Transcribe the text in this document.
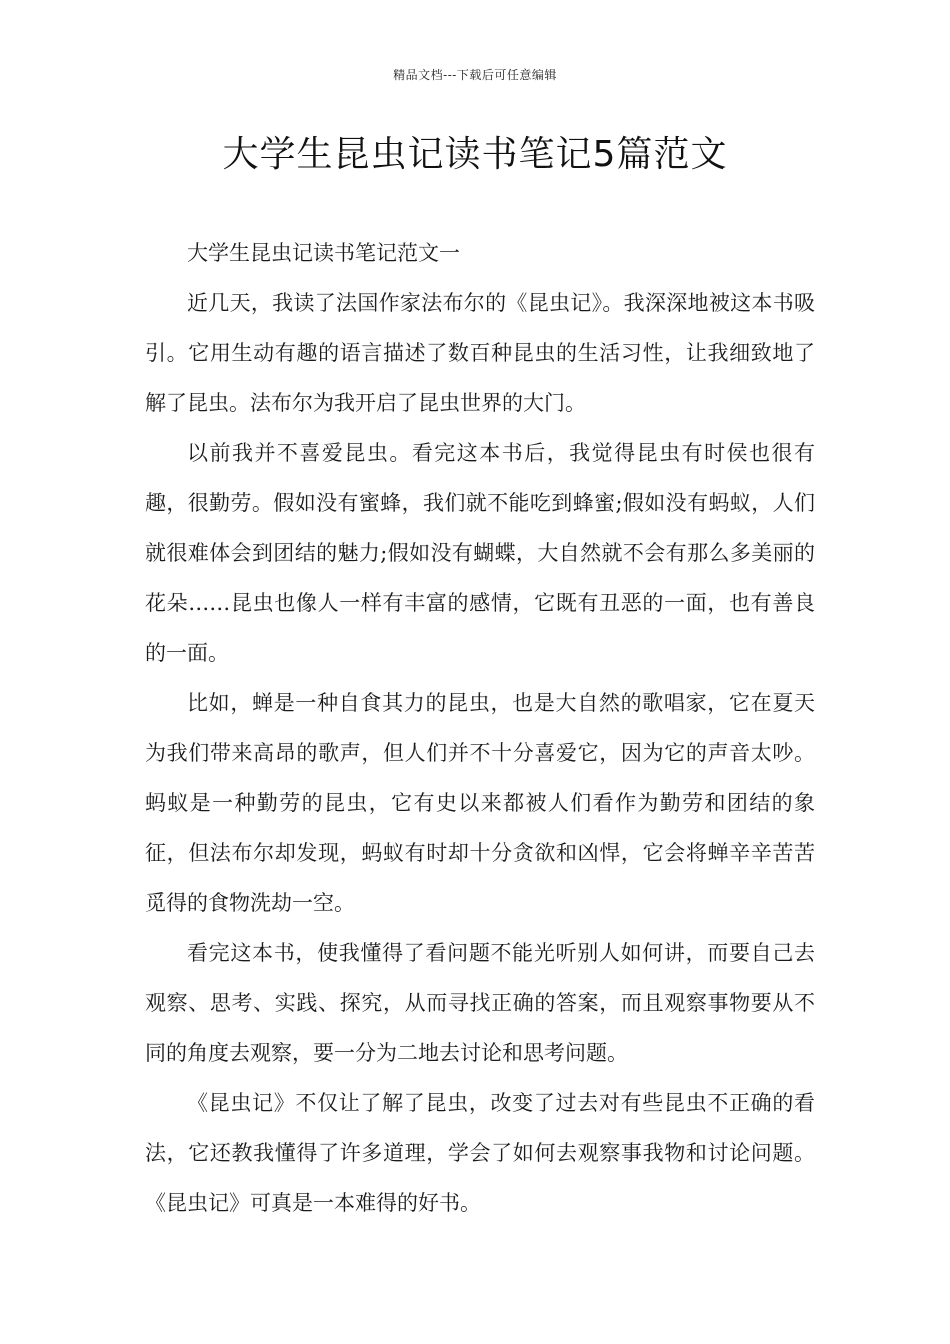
精品文档---下载后可任意编辑
大学生昆虫记读书笔记5篇范文

大学生昆虫记读书笔记范文一

近几天，我读了法国作家法布尔的《昆虫记》。我深深地被这本书吸引。它用生动有趣的语言描述了数百种昆虫的生活习性，让我细致地了解了昆虫。法布尔为我开启了昆虫世界的大门。

以前我并不喜爱昆虫。看完这本书后，我觉得昆虫有时侯也很有趣，很勤劳。假如没有蜜蜂，我们就不能吃到蜂蜜;假如没有蚂蚁，人们就很难体会到团结的魅力;假如没有蝴蝶，大自然就不会有那么多美丽的花朵……昆虫也像人一样有丰富的感情，它既有丑恶的一面，也有善良的一面。

比如，蝉是一种自食其力的昆虫，也是大自然的歌唱家，它在夏天为我们带来高昂的歌声，但人们并不十分喜爱它，因为它的声音太吵。蚂蚁是一种勤劳的昆虫，它有史以来都被人们看作为勤劳和团结的象征，但法布尔却发现，蚂蚁有时却十分贪欲和凶悍，它会将蝉辛辛苦苦觅得的食物洗劫一空。

看完这本书，使我懂得了看问题不能光听别人如何讲，而要自己去观察、思考、实践、探究，从而寻找正确的答案，而且观察事物要从不同的角度去观察，要一分为二地去讨论和思考问题。

《昆虫记》不仅让了解了昆虫，改变了过去对有些昆虫不正确的看法，它还教我懂得了许多道理，学会了如何去观察事我物和讨论问题。《昆虫记》可真是一本难得的好书。
